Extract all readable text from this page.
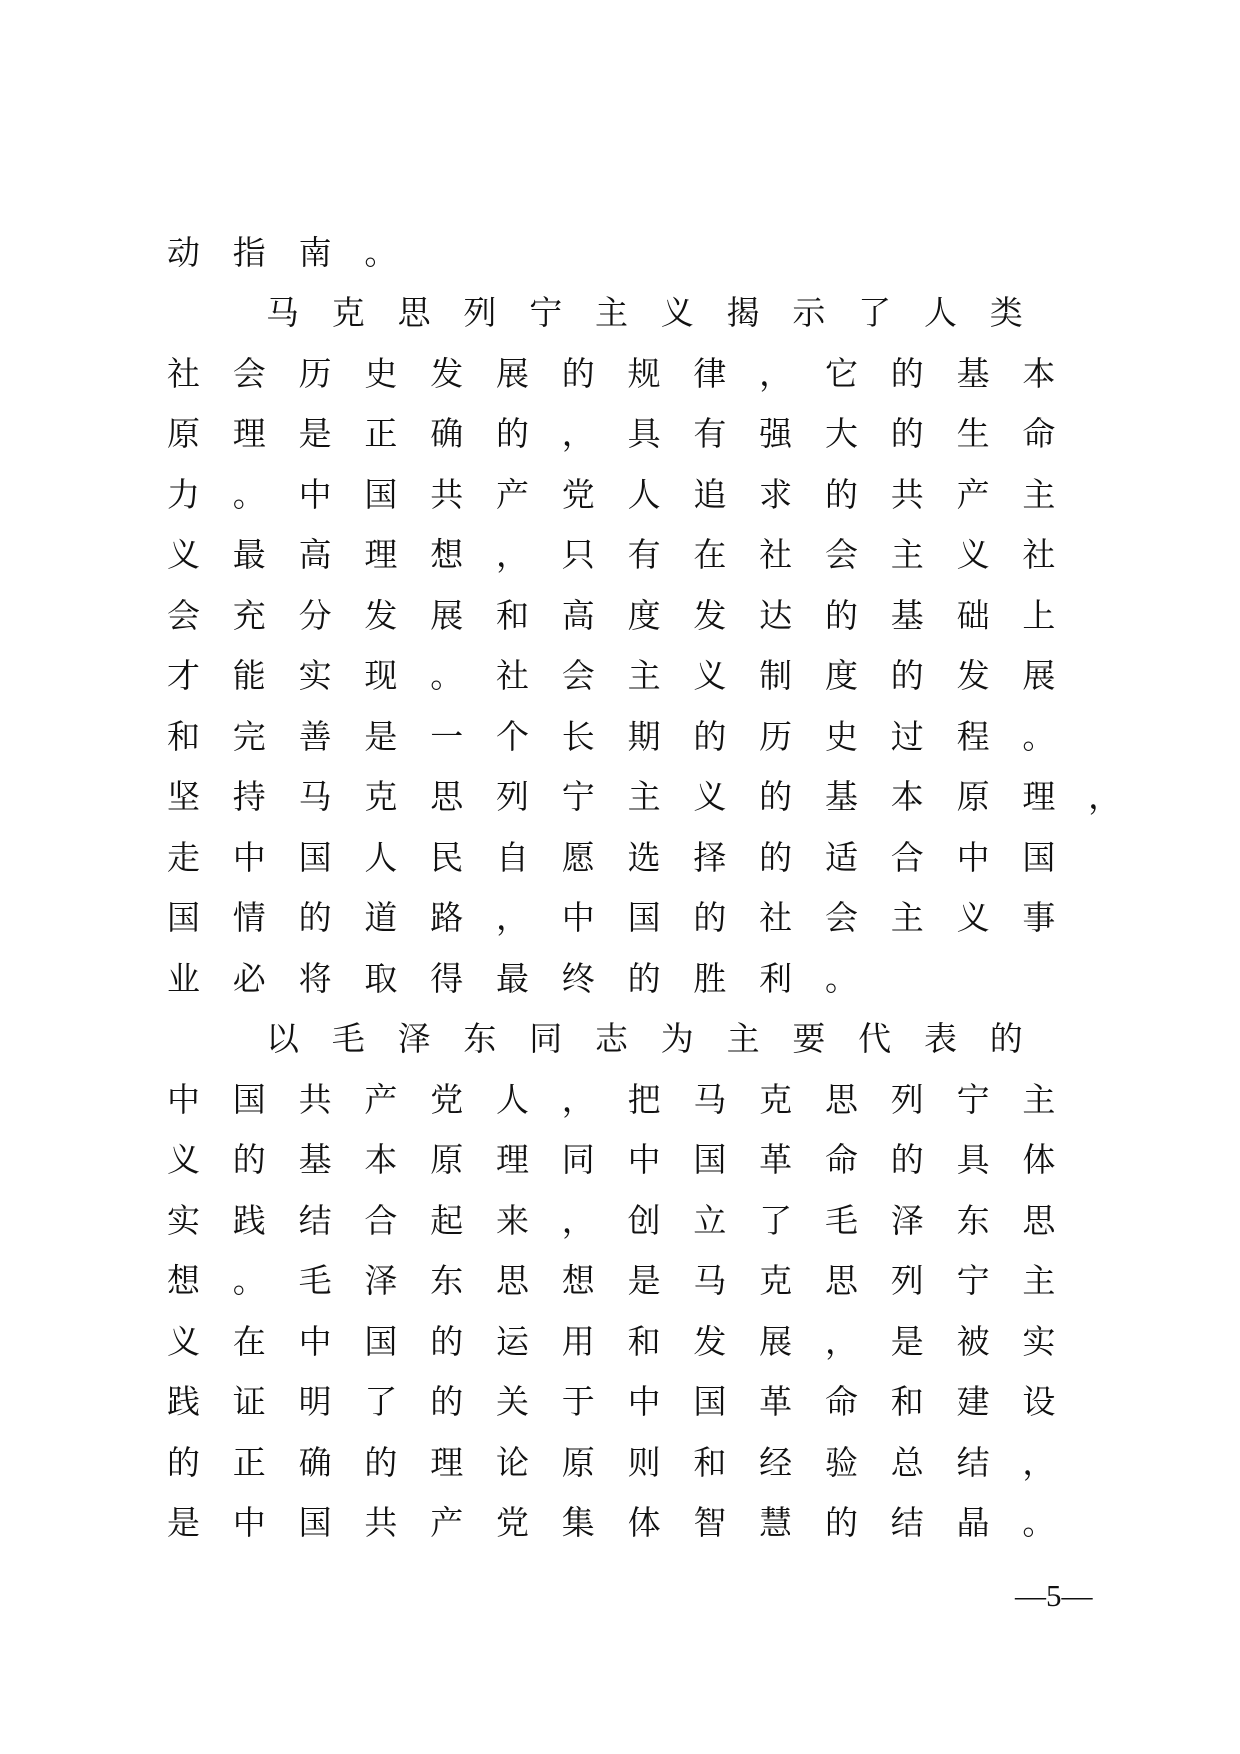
动 指 南 。
马 克 思 列 宁 主 义 揭 示 了 人 类
社 会 历 史 发 展 的 规 律 ， 它 的 基 本
原 理 是 正 确 的 ， 具 有 强 大 的 生 命
力 。 中 国 共 产 党 人 追 求 的 共 产 主
义 最 高 理 想 ， 只 有 在 社 会 主 义 社
会 充 分 发 展 和 高 度 发 达 的 基 础 上
才 能 实 现 。 社 会 主 义 制 度 的 发 展
和 完 善 是 一 个 长 期 的 历 史 过 程 。
坚 持 马 克 思 列 宁 主 义 的 基 本 原 理 ，
走 中 国 人 民 自 愿 选 择 的 适 合 中 国
国 情 的 道 路 ， 中 国 的 社 会 主 义 事
业 必 将 取 得 最 终 的 胜 利 。
以 毛 泽 东 同 志 为 主 要 代 表 的
中 国 共 产 党 人 ， 把 马 克 思 列 宁 主
义 的 基 本 原 理 同 中 国 革 命 的 具 体
实 践 结 合 起 来 ， 创 立 了 毛 泽 东 思
想 。 毛 泽 东 思 想 是 马 克 思 列 宁 主
义 在 中 国 的 运 用 和 发 展 ， 是 被 实
践 证 明 了 的 关 于 中 国 革 命 和 建 设
的 正 确 的 理 论 原 则 和 经 验 总 结 ，
是 中 国 共 产 党 集 体 智 慧 的 结 晶 。
—5—
